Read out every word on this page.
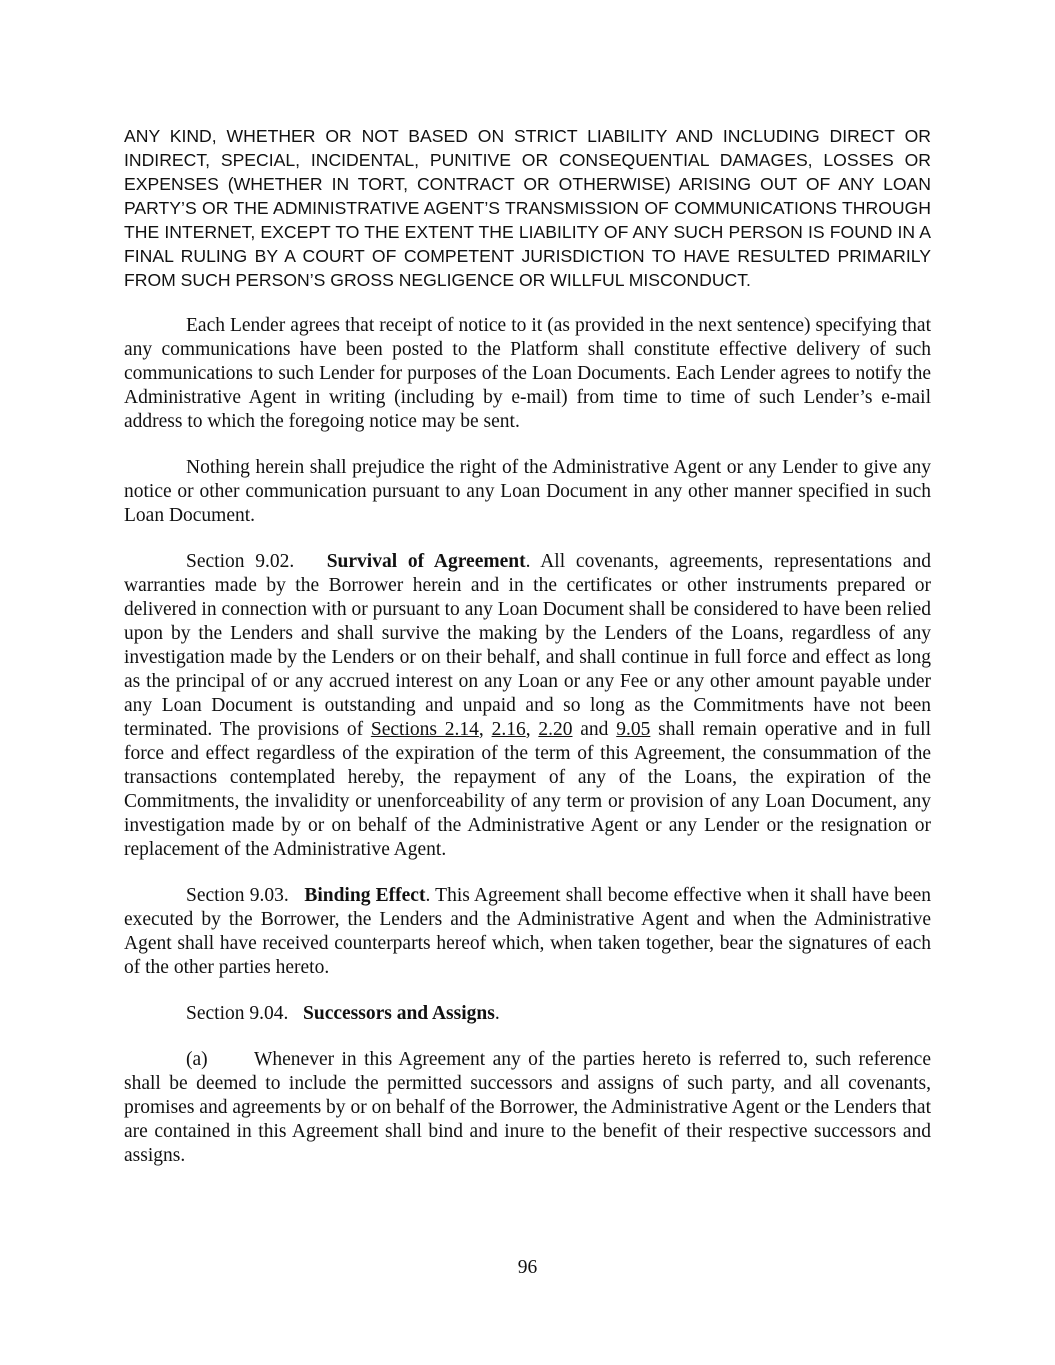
ANY KIND, WHETHER OR NOT BASED ON STRICT LIABILITY AND INCLUDING DIRECT OR INDIRECT, SPECIAL, INCIDENTAL, PUNITIVE OR CONSEQUENTIAL DAMAGES, LOSSES OR EXPENSES (WHETHER IN TORT, CONTRACT OR OTHERWISE) ARISING OUT OF ANY LOAN PARTY’S OR THE ADMINISTRATIVE AGENT’S TRANSMISSION OF COMMUNICATIONS THROUGH THE INTERNET, EXCEPT TO THE EXTENT THE LIABILITY OF ANY SUCH PERSON IS FOUND IN A FINAL RULING BY A COURT OF COMPETENT JURISDICTION TO HAVE RESULTED PRIMARILY FROM SUCH PERSON’S GROSS NEGLIGENCE OR WILLFUL MISCONDUCT.

Each Lender agrees that receipt of notice to it (as provided in the next sentence) specifying that any communications have been posted to the Platform shall constitute effective delivery of such communications to such Lender for purposes of the Loan Documents. Each Lender agrees to notify the Administrative Agent in writing (including by e-mail) from time to time of such Lender’s e-mail address to which the foregoing notice may be sent.

Nothing herein shall prejudice the right of the Administrative Agent or any Lender to give any notice or other communication pursuant to any Loan Document in any other manner specified in such Loan Document.

Section 9.02. Survival of Agreement. All covenants, agreements, representations and warranties made by the Borrower herein and in the certificates or other instruments prepared or delivered in connection with or pursuant to any Loan Document shall be considered to have been relied upon by the Lenders and shall survive the making by the Lenders of the Loans, regardless of any investigation made by the Lenders or on their behalf, and shall continue in full force and effect as long as the principal of or any accrued interest on any Loan or any Fee or any other amount payable under any Loan Document is outstanding and unpaid and so long as the Commitments have not been terminated. The provisions of Sections 2.14, 2.16, 2.20 and 9.05 shall remain operative and in full force and effect regardless of the expiration of the term of this Agreement, the consummation of the transactions contemplated hereby, the repayment of any of the Loans, the expiration of the Commitments, the invalidity or unenforceability of any term or provision of any Loan Document, any investigation made by or on behalf of the Administrative Agent or any Lender or the resignation or replacement of the Administrative Agent.

Section 9.03. Binding Effect. This Agreement shall become effective when it shall have been executed by the Borrower, the Lenders and the Administrative Agent and when the Administrative Agent shall have received counterparts hereof which, when taken together, bear the signatures of each of the other parties hereto.

Section 9.04. Successors and Assigns.

(a) Whenever in this Agreement any of the parties hereto is referred to, such reference shall be deemed to include the permitted successors and assigns of such party, and all covenants, promises and agreements by or on behalf of the Borrower, the Administrative Agent or the Lenders that are contained in this Agreement shall bind and inure to the benefit of their respective successors and assigns.

96
